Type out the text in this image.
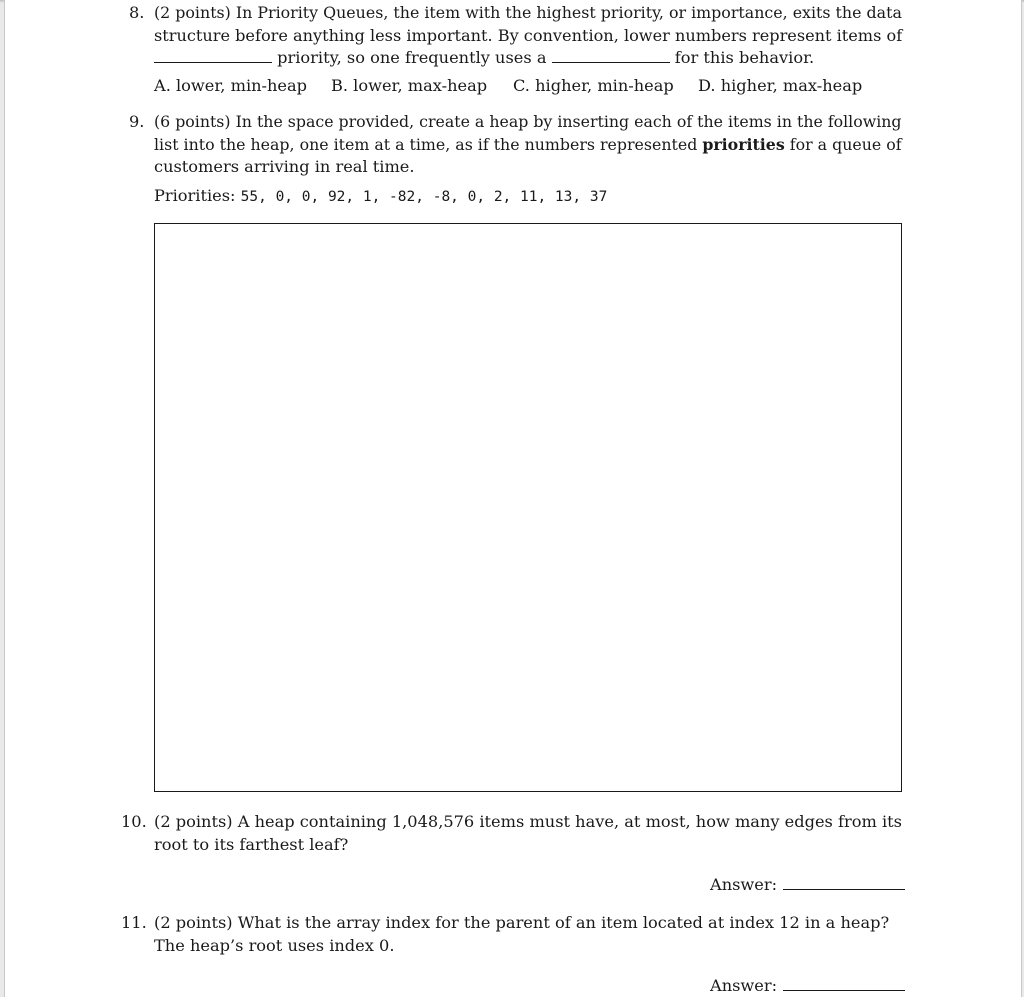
8. (2 points) In Priority Queues, the item with the highest priority, or importance, exits the data
structure before anything less important. By convention, lower numbers represent items of
priority, so one frequently uses a	for this behavior.
A. lower, min-heap B. lower, max-heap C. higher, min-heap D. higher, max-heap
9. (6 points) In the space provided, create a heap by inserting each of the items in the following
list into the heap, one item at a time, as if the numbers represented priorities for a queue of
customers arriving in real time.
Priorities: 55, 0, 0, 92, 1, -82, -8, 0, 2, 11, 13, 37
10. (2 points) A heap containing 1,048,576 items must have, at most, how many edges from its
root to its farthest leaf?
Answer:
11. (2 points) What is the array index for the parent of an item located at index 12 in a heap?
The heap’s root uses index 0.
Answer:
